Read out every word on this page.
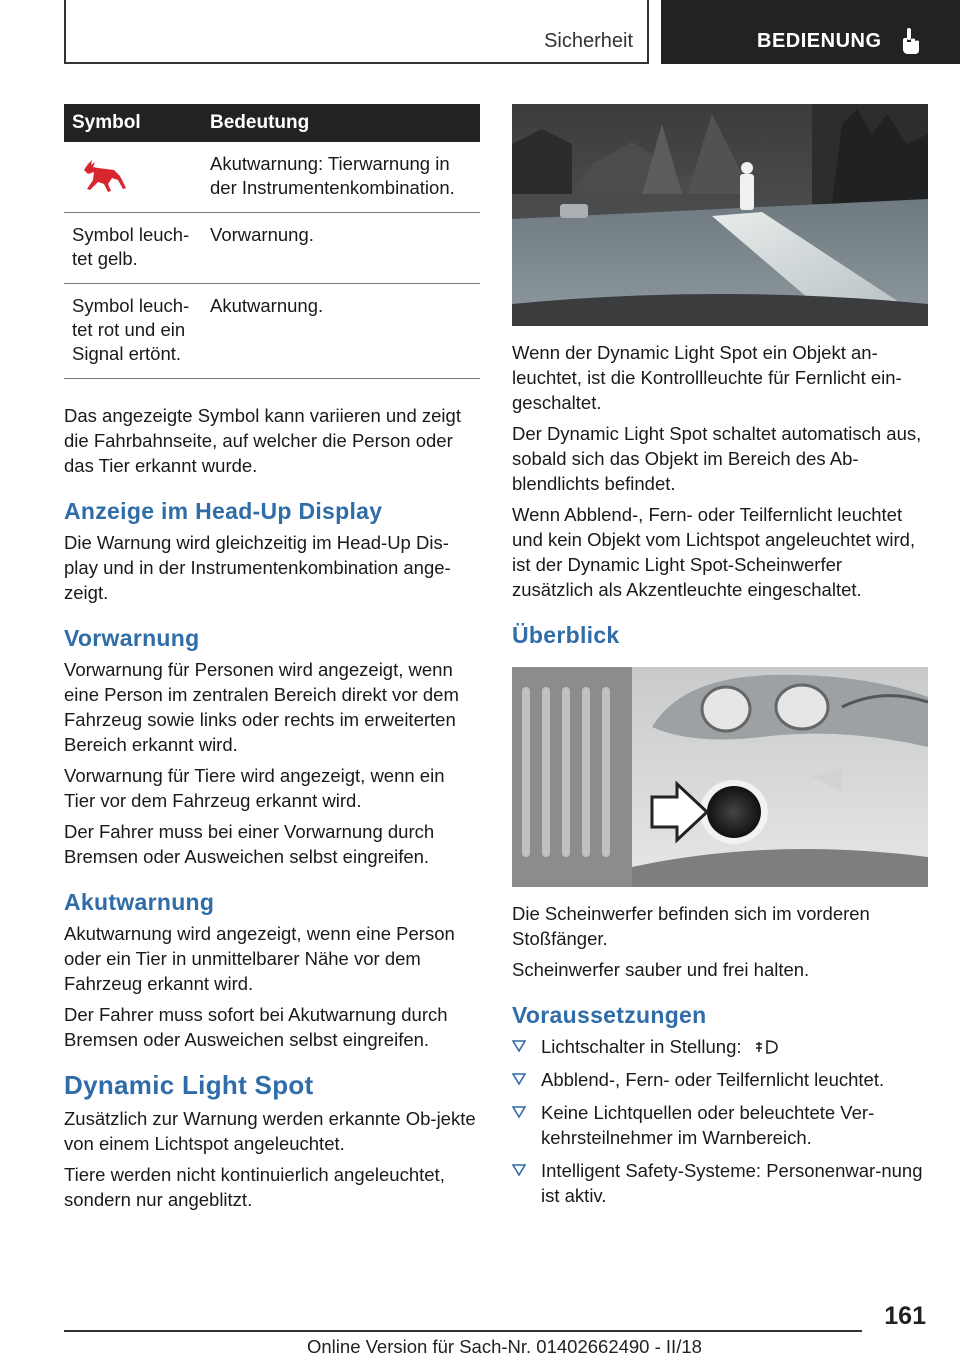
Sicherheit	BEDIENUNG
Symbol	Bedeutung

	Akutwarnung: Tierwarnung in der Instrumentenkombination.
Symbol leuch-tet gelb.	Vorwarnung.
Symbol leuch-tet rot und ein Signal ertönt.	Akutwarnung.

Das angezeigte Symbol kann variieren und zeigt die Fahrbahnseite, auf welcher die Person oder das Tier erkannt wurde.

Anzeige im Head-Up Display

Die Warnung wird gleichzeitig im Head-Up Dis-play und in der Instrumentenkombination ange-zeigt.

Vorwarnung

Vorwarnung für Personen wird angezeigt, wenn eine Person im zentralen Bereich direkt vor dem Fahrzeug sowie links oder rechts im erweiterten Bereich erkannt wird.

Vorwarnung für Tiere wird angezeigt, wenn ein Tier vor dem Fahrzeug erkannt wird.

Der Fahrer muss bei einer Vorwarnung durch Bremsen oder Ausweichen selbst eingreifen.

Akutwarnung

Akutwarnung wird angezeigt, wenn eine Person oder ein Tier in unmittelbarer Nähe vor dem Fahrzeug erkannt wird.

Der Fahrer muss sofort bei Akutwarnung durch Bremsen oder Ausweichen selbst eingreifen.

Dynamic Light Spot

Zusätzlich zur Warnung werden erkannte Ob-jekte von einem Lichtspot angeleuchtet.

Tiere werden nicht kontinuierlich angeleuchtet, sondern nur angeblitzt.

Wenn der Dynamic Light Spot ein Objekt an-leuchtet, ist die Kontrollleuchte für Fernlicht ein-geschaltet.

Der Dynamic Light Spot schaltet automatisch aus, sobald sich das Objekt im Bereich des Ab-blendlichts befindet.

Wenn Abblend-, Fern- oder Teilfernlicht leuchtet und kein Objekt vom Lichtspot angeleuchtet wird, ist der Dynamic Light Spot-Scheinwerfer zusätzlich als Akzentleuchte eingeschaltet.

Überblick

Die Scheinwerfer befinden sich im vorderen Stoßfänger.

Scheinwerfer sauber und frei halten.

Voraussetzungen
Lichtschalter in Stellung:
Abblend-, Fern- oder Teilfernlicht leuchtet.
Keine Lichtquellen oder beleuchtete Ver-kehrsteilnehmer im Warnbereich.
Intelligent Safety-Systeme: Personenwar-nung ist aktiv.
161
Online Version für Sach-Nr. 01402662490 - II/18
